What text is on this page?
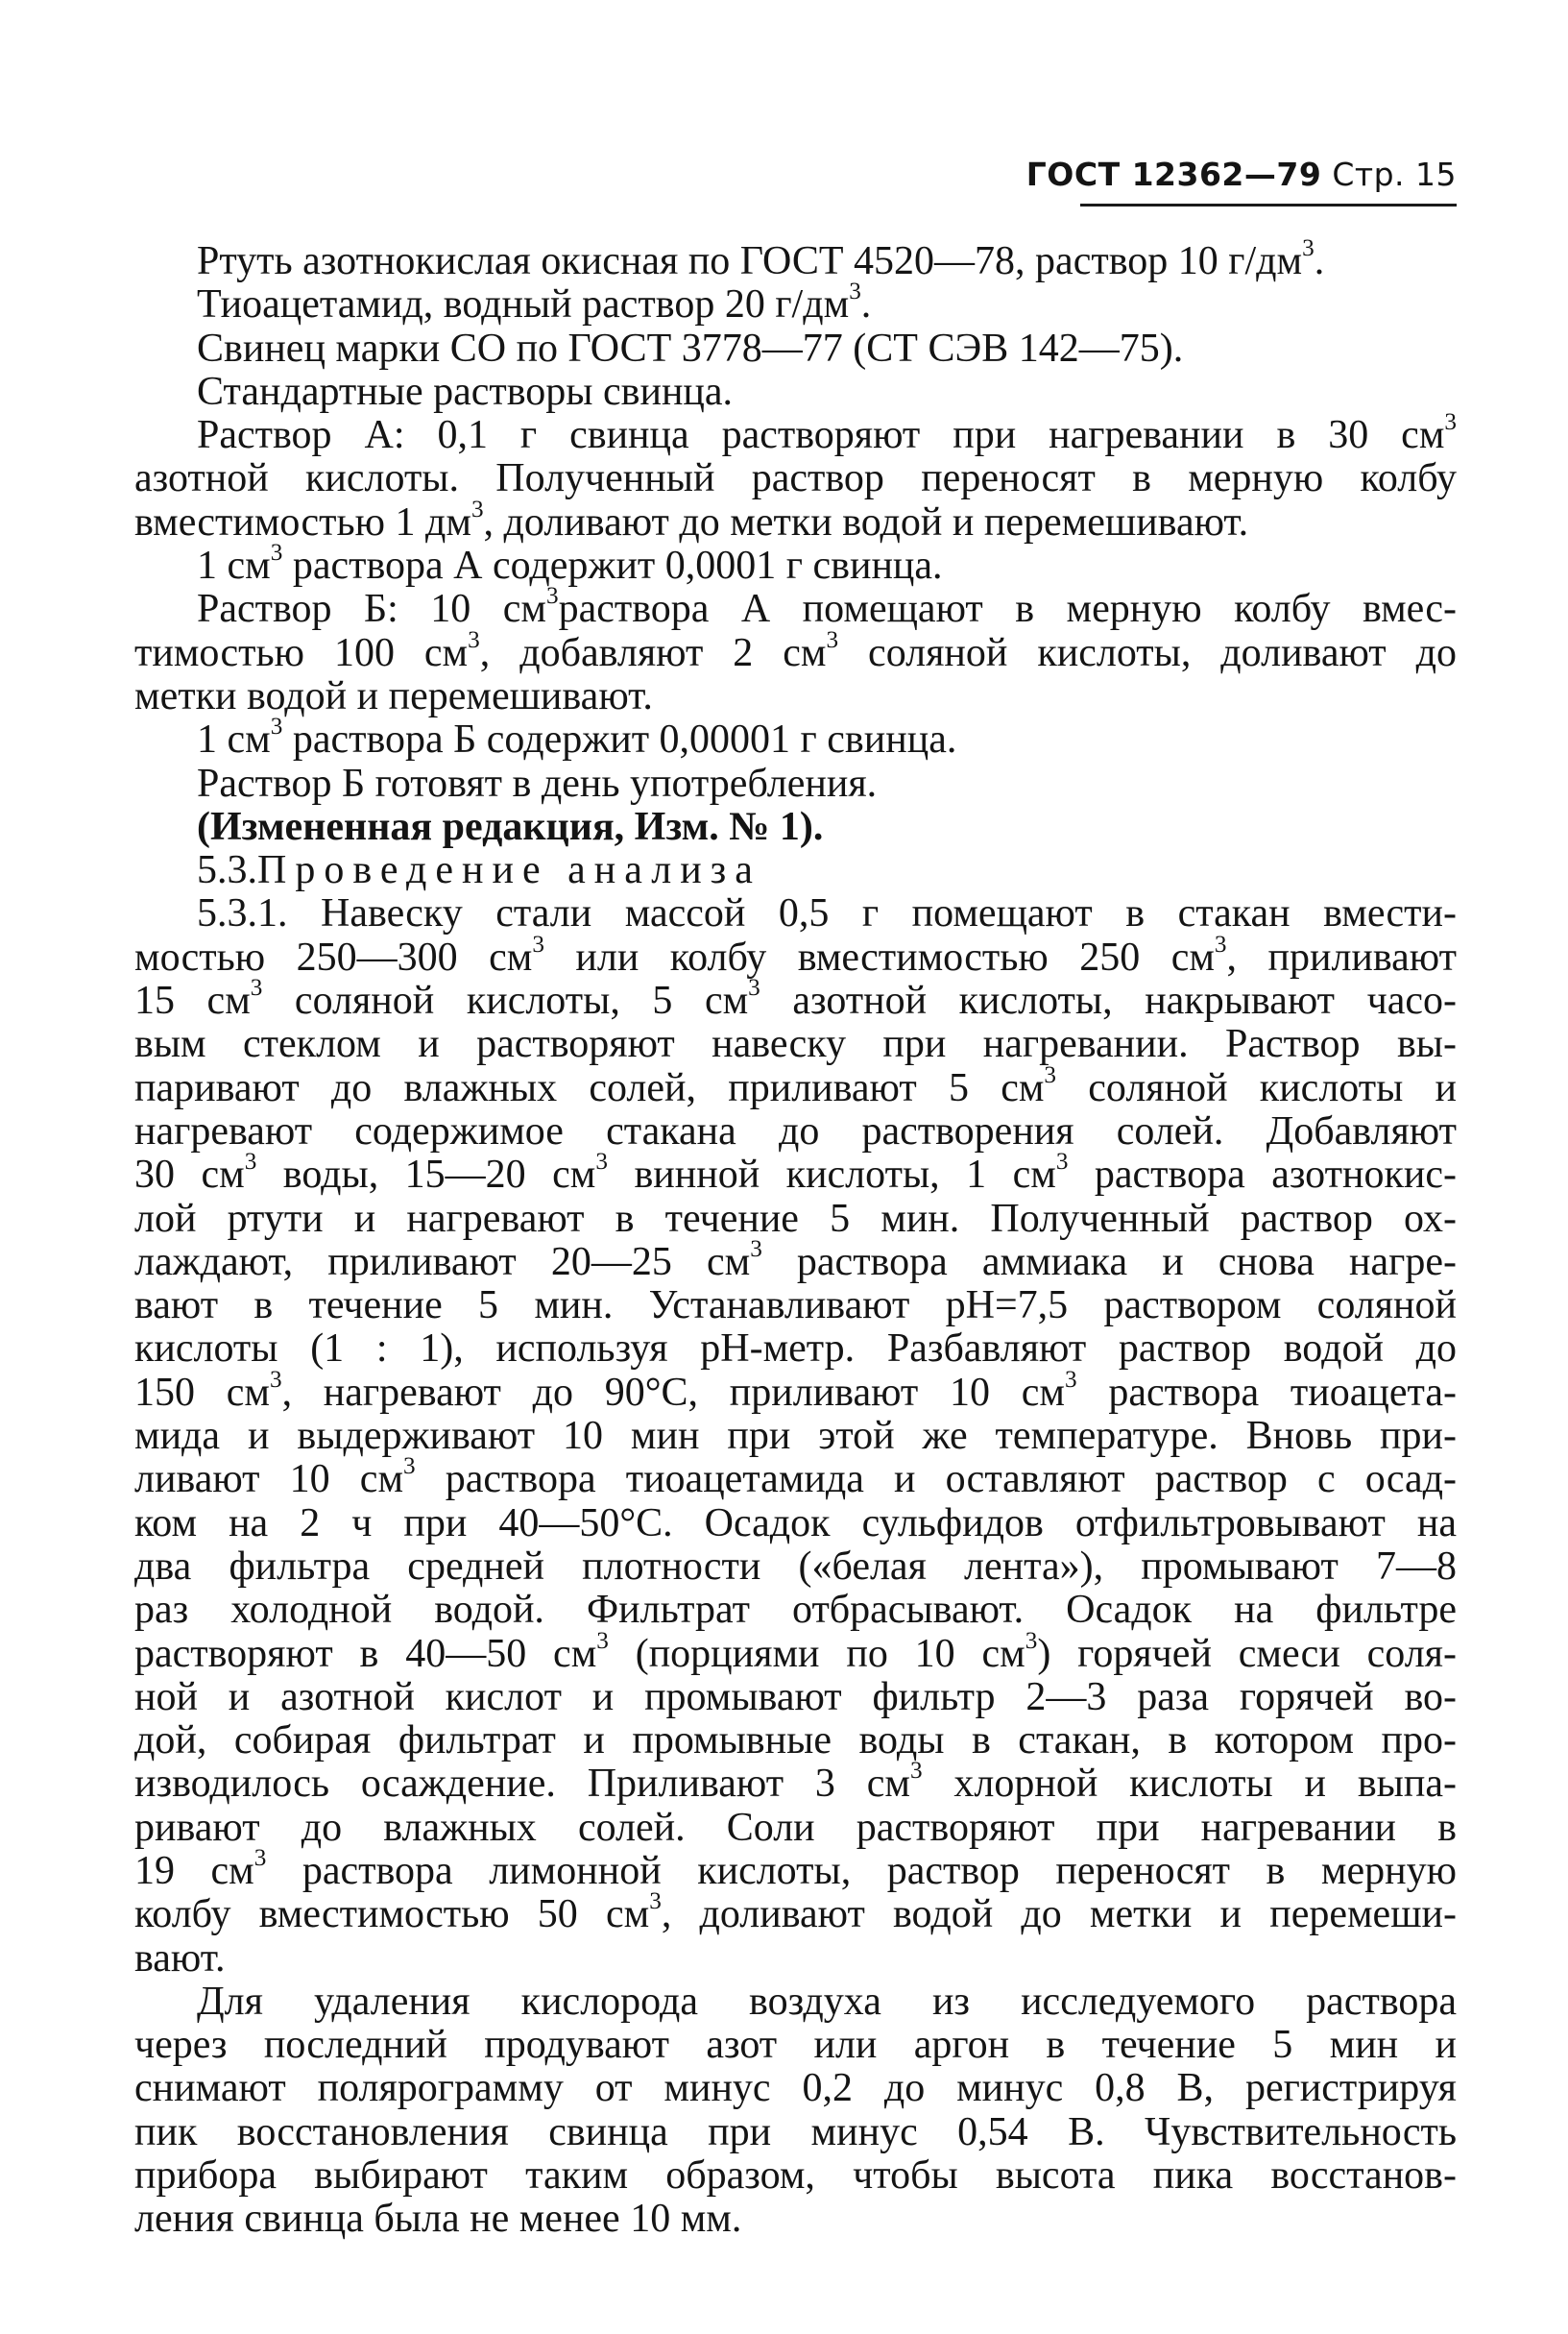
ГОСТ 12362—79 Стр. 15
Ртуть азотнокислая окисная по ГОСТ 4520—78, раствор 10 $г/дм^3$.
Тиоацетамид, водный раствор 20 $г/дм^3$.
Свинец марки СО по ГОСТ 3778—77 (СТ СЭВ 142—75).
Стандартные растворы свинца.
Раствор А: 0,1 г свинца растворяют при нагревании в 30 $см^3$
азотной кислоты. Полученный раствор переносят в мерную колбу
вместимостью 1 $дм^3$, доливают до метки водой и перемешивают.
1 $см^3$ раствора А содержит 0,0001 г свинца.
Раствор Б: 10 $см^3раствора$ А помещают в мерную колбу вмес-
тимостью 100 $см^3$, добавляют 2 $см^3$ соляной кислоты, доливают до
метки водой и перемешивают.
1 $см^3$ раствора Б содержит 0,00001 г свинца.
Раствор Б готовят в день употребления.
(Измененная редакция, Изм. № 1).
5.3.Проведение анализа
5.3.1. Навеску стали массой 0,5 г помещают в стакан вмести-
мостью 250—300 $см^3$ или колбу вместимостью 250 $см^3$, приливают
15 $см^3$ соляной кислоты, 5 $см^3$ азотной кислоты, накрывают часо-
вым стеклом и растворяют навеску при нагревании. Раствор вы-
паривают до влажных солей, приливают 5 $см^3$ соляной кислоты и
нагревают содержимое стакана до растворения солей. Добавляют
30 $см^3$ воды, 15—20 $см^3$ винной кислоты, 1 $см^3$ раствора азотнокис-
лой ртути и нагревают в течение 5 мин. Полученный раствор ох-
лаждают, приливают 20—25 $см^3$ раствора аммиака и снова нагре-
вают в течение 5 мин. Устанавливают pH=7,5 раствором соляной
кислоты (1 : 1), используя pH-метр. Разбавляют раствор водой до
150 $см^3$, нагревают до 90°С, приливают 10 $см^3$ раствора тиоацета-
мида и выдерживают 10 мин при этой же температуре. Вновь при-
ливают 10 $см^3$ раствора тиоацетамида и оставляют раствор с осад-
ком на 2 ч при 40—50°С. Осадок сульфидов отфильтровывают на
два фильтра средней плотности («белая лента»), промывают 7—8
раз холодной водой. Фильтрат отбрасывают. Осадок на фильтре
растворяют в 40—50 $см^3$ (порциями по 10 $см^3$) горячей смеси соля-
ной и азотной кислот и промывают фильтр 2—3 раза горячей во-
дой, собирая фильтрат и промывные воды в стакан, в котором про-
изводилось осаждение. Приливают 3 $см^3$ хлорной кислоты и выпа-
ривают до влажных солей. Соли растворяют при нагревании в
19 $см^3$ раствора лимонной кислоты, раствор переносят в мерную
колбу вместимостью 50 $см^3$, доливают водой до метки и перемеши-
вают.
Для удаления кислорода воздуха из исследуемого раствора
через последний продувают азот или аргон в течение 5 мин и
снимают полярограмму от минус 0,2 до минус 0,8 В, регистрируя
пик восстановления свинца при минус 0,54 В. Чувствительность
прибора выбирают таким образом, чтобы высота пика восстанов-
ления свинца была не менее 10 мм.
